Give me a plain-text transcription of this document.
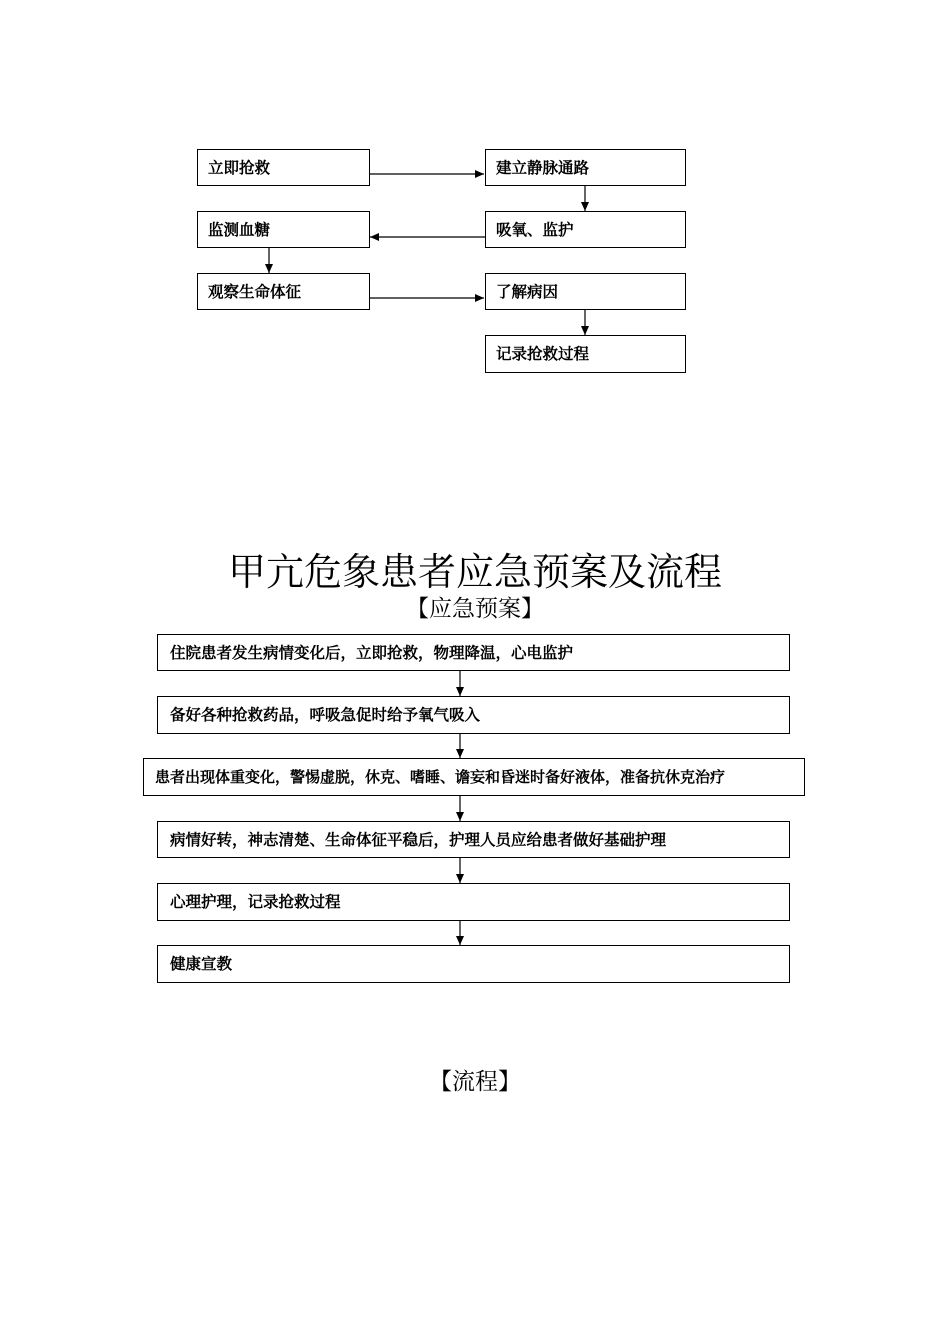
立即抢救	建立静脉通路
监测血糖	吸氧、监护
观察生命体征	了解病因
记录抢救过程
甲亢危象患者应急预案及流程
【应急预案】
住院患者发生病情变化后，立即抢救，物理降温，心电监护
备好各种抢救药品，呼吸急促时给予氧气吸入
患者出现体重变化，警惕虚脱，休克、嗜睡、谵妄和昏迷时备好液体，准备抗休克治疗
病情好转，神志清楚、生命体征平稳后，护理人员应给患者做好基础护理
心理护理，记录抢救过程
健康宣教
【流程】
